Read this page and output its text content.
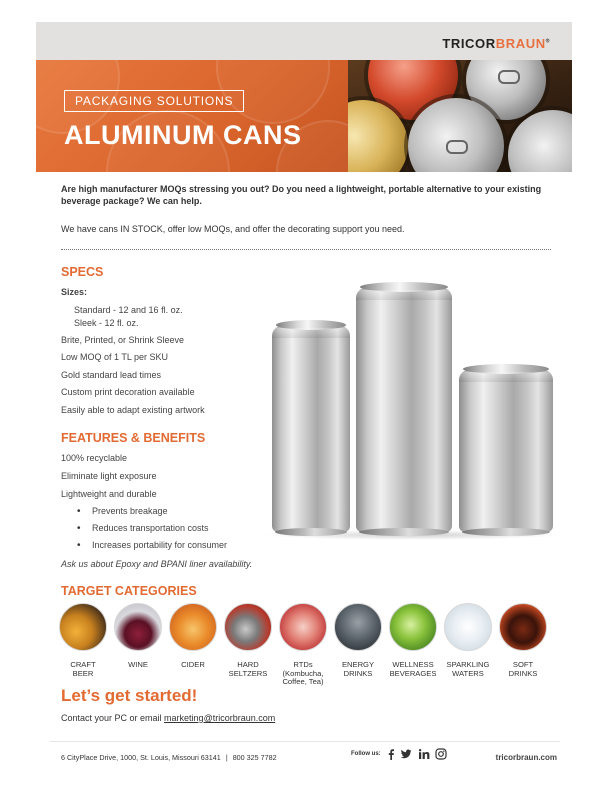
TRICORBRAUN®
PACKAGING SOLUTIONS
ALUMINUM CANS
Are high manufacturer MOQs stressing you out? Do you need a lightweight, portable alternative to your existing beverage package? We can help.
We have cans IN STOCK, offer low MOQs, and offer the decorating support you need.
SPECS
Sizes:
Standard - 12 and 16 fl. oz.
Sleek - 12 fl. oz.
Brite, Printed, or Shrink Sleeve
Low MOQ of 1 TL per SKU
Gold standard lead times
Custom print decoration available
Easily able to adapt existing artwork
FEATURES & BENEFITS
100% recyclable
Eliminate light exposure
Lightweight and durable
• Prevents breakage
• Reduces transportation costs
• Increases portability for consumer
Ask us about Epoxy and BPANI liner availability.
TARGET CATEGORIES
CRAFT
BEER
WINE	CIDER	HARD
SELTZERS
RTDs
(Kombucha,
Coffee, Tea)
ENERGY
DRINKS
WELLNESS
BEVERAGES
SPARKLING
WATERS
SOFT
DRINKS
Let’s get started!
Contact your PC or email marketing@tricorbraun.com
6 CityPlace Drive, 1000, St. Louis, Missouri 63141 | 800 325 7782	Follow us:	tricorbraun.com
